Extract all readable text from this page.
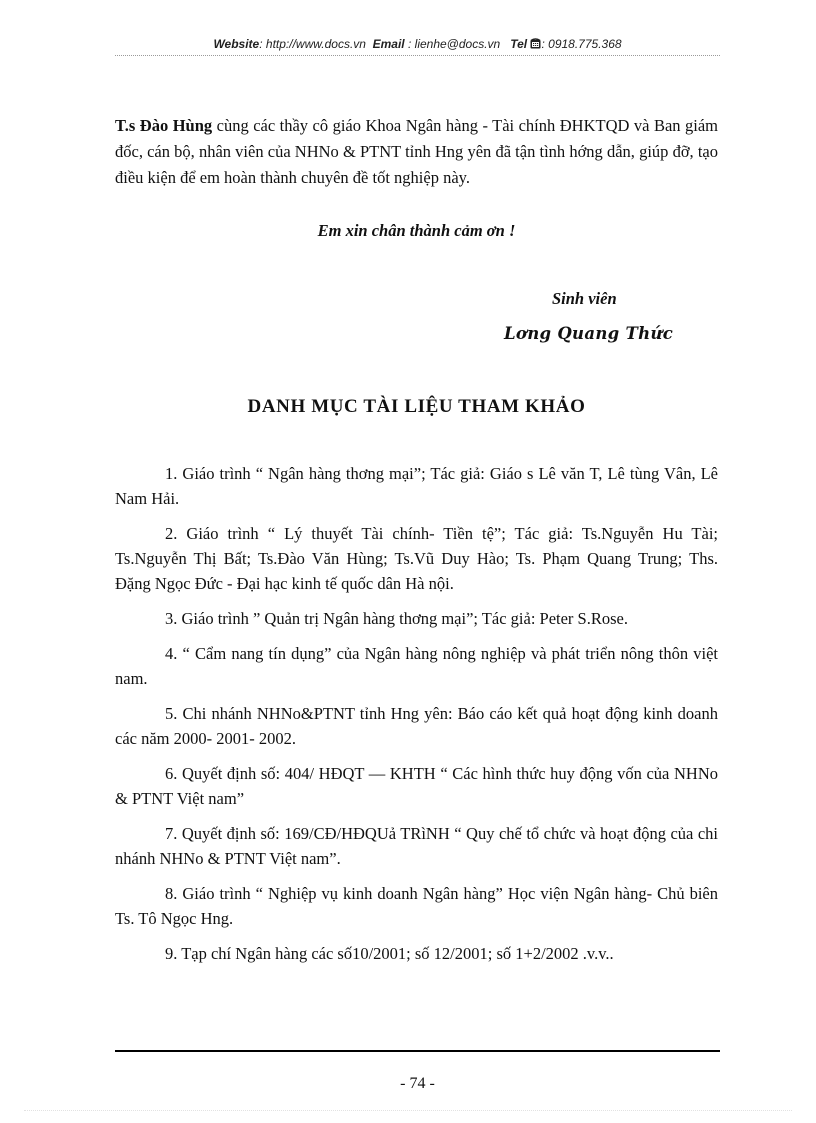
Website: http://www.docs.vn Email : lienhe@docs.vn Tel : 0918.775.368
T.s Đào Hùng cùng các thầy cô giáo Khoa Ngân hàng - Tài chính ĐHKTQD và Ban giám đốc, cán bộ, nhân viên của NHNo & PTNT tỉnh Hng yên đã tận tình hớng dẫn, giúp đỡ, tạo điều kiện để em hoàn thành chuyên đề tốt nghiệp này.
Em xin chân thành cảm ơn !
Sinh viên
Lơng Quang Thức
DANH MỤC TÀI LIỆU THAM KHẢO

1. Giáo trình “ Ngân hàng thơng mại”; Tác giả: Giáo s Lê văn T, Lê tùng Vân, Lê Nam Hải.

2. Giáo trình “ Lý thuyết Tài chính- Tiền tệ”; Tác giả: Ts.Nguyễn Hu Tài; Ts.Nguyễn Thị Bất; Ts.Đào Văn Hùng; Ts.Vũ Duy Hào; Ts. Phạm Quang Trung; Ths. Đặng Ngọc Đức - Đại hạc kinh tế quốc dân Hà nội.

3. Giáo trình ” Quản trị Ngân hàng thơng mại”; Tác giả: Peter S.Rose.

4. “ Cẩm nang tín dụng” của Ngân hàng nông nghiệp và phát triển nông thôn việt nam.

5. Chi nhánh NHNo&PTNT tỉnh Hng yên: Báo cáo kết quả hoạt động kinh doanh các năm 2000- 2001- 2002.

6. Quyết định số: 404/ HĐQT — KHTH “ Các hình thức huy động vốn của NHNo & PTNT Việt nam”

7. Quyết định số: 169/CĐ/HĐQUả TRìNH “ Quy chế tổ chức và hoạt động của chi nhánh NHNo & PTNT Việt nam”.

8. Giáo trình “ Nghiệp vụ kinh doanh Ngân hàng” Học viện Ngân hàng- Chủ biên Ts. Tô Ngọc Hng.

9. Tạp chí Ngân hàng các số10/2001; số 12/2001; số 1+2/2002 .v.v..

- 74 -
